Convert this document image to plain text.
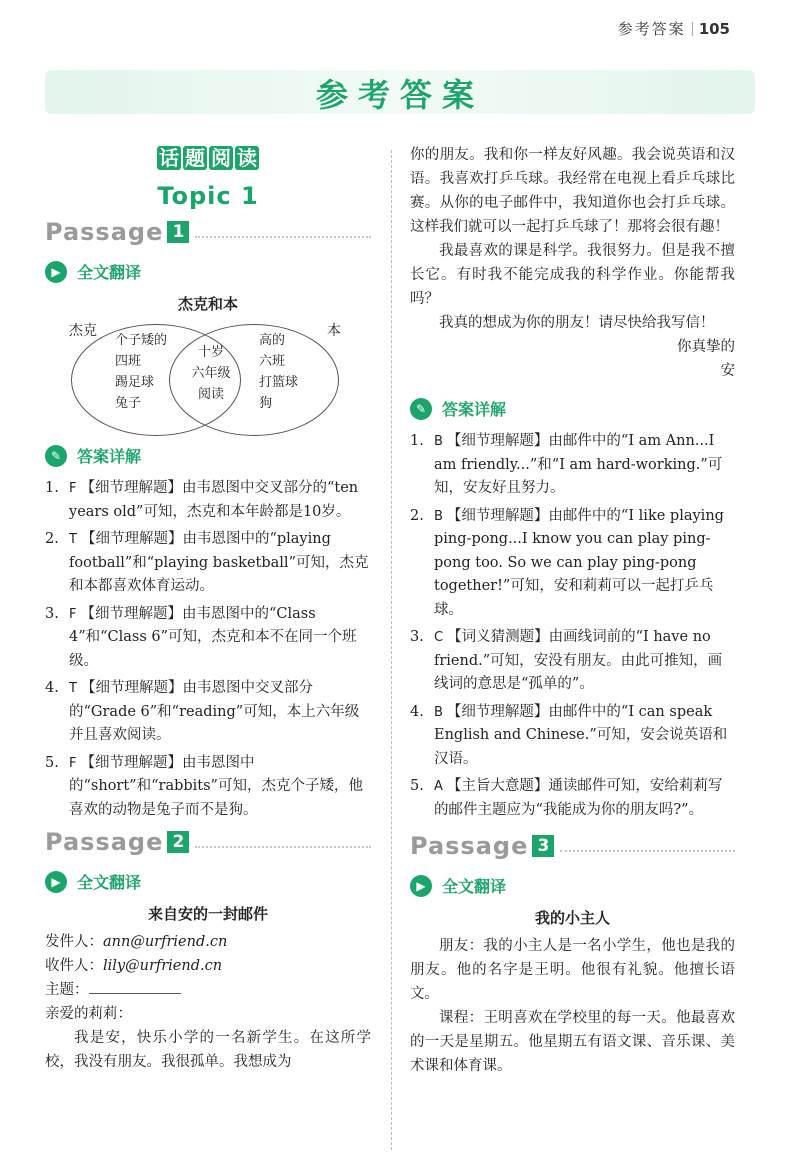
参考答案 105
参考答案
话 题 阅 读
Topic 1
Passage 1
▶	全文翻译
杰克和本
杰克	本
个子矮的
四班
踢足球
兔子
十岁
六年级
阅读
高的
六班
打篮球
狗
✎ 答案详解
1. F 【细节理解题】由韦恩图中交叉部分的“ten years old”可知，杰克和本年龄都是10岁。
2. T 【细节理解题】由韦恩图中的“playing football”和“playing basketball”可知，杰克和本都喜欢体育运动。
3. F 【细节理解题】由韦恩图中的“Class 4”和“Class 6”可知，杰克和本不在同一个班级。
4. T 【细节理解题】由韦恩图中交叉部分的“Grade 6”和“reading”可知，本上六年级并且喜欢阅读。
5. F 【细节理解题】由韦恩图中的“short”和“rabbits”可知，杰克个子矮，他喜欢的动物是兔子而不是狗。
Passage 2
▶	全文翻译
来自安的一封邮件

发件人：ann@urfriend.cn

收件人：lily@urfriend.cn

主题：

亲爱的莉莉：

我是安，快乐小学的一名新学生。在这所学校，我没有朋友。我很孤单。我想成为

你的朋友。我和你一样友好风趣。我会说英语和汉语。我喜欢打乒乓球。我经常在电视上看乒乓球比赛。从你的电子邮件中，我知道你也会打乒乓球。这样我们就可以一起打乒乓球了！那将会很有趣！

我最喜欢的课是科学。我很努力。但是我不擅长它。有时我不能完成我的科学作业。你能帮我吗？

我真的想成为你的朋友！请尽快给我写信！

你真挚的

安

✎ 答案详解
1. B 【细节理解题】由邮件中的“I am Ann...I am friendly...”和“I am hard-working.”可知，安友好且努力。
2. B 【细节理解题】由邮件中的“I like playing ping-pong...I know you can play ping-pong too. So we can play ping-pong together!”可知，安和莉莉可以一起打乒乓球。
3. C 【词义猜测题】由画线词前的“I have no friend.”可知，安没有朋友。由此可推知，画线词的意思是“孤单的”。
4. B 【细节理解题】由邮件中的“I can speak English and Chinese.”可知，安会说英语和汉语。
5. A 【主旨大意题】通读邮件可知，安给莉莉写的邮件主题应为“我能成为你的朋友吗?”。
Passage 3
▶	全文翻译
我的小主人

朋友：我的小主人是一名小学生，他也是我的朋友。他的名字是王明。他很有礼貌。他擅长语文。

课程：王明喜欢在学校里的每一天。他最喜欢的一天是星期五。他星期五有语文课、音乐课、美术课和体育课。
